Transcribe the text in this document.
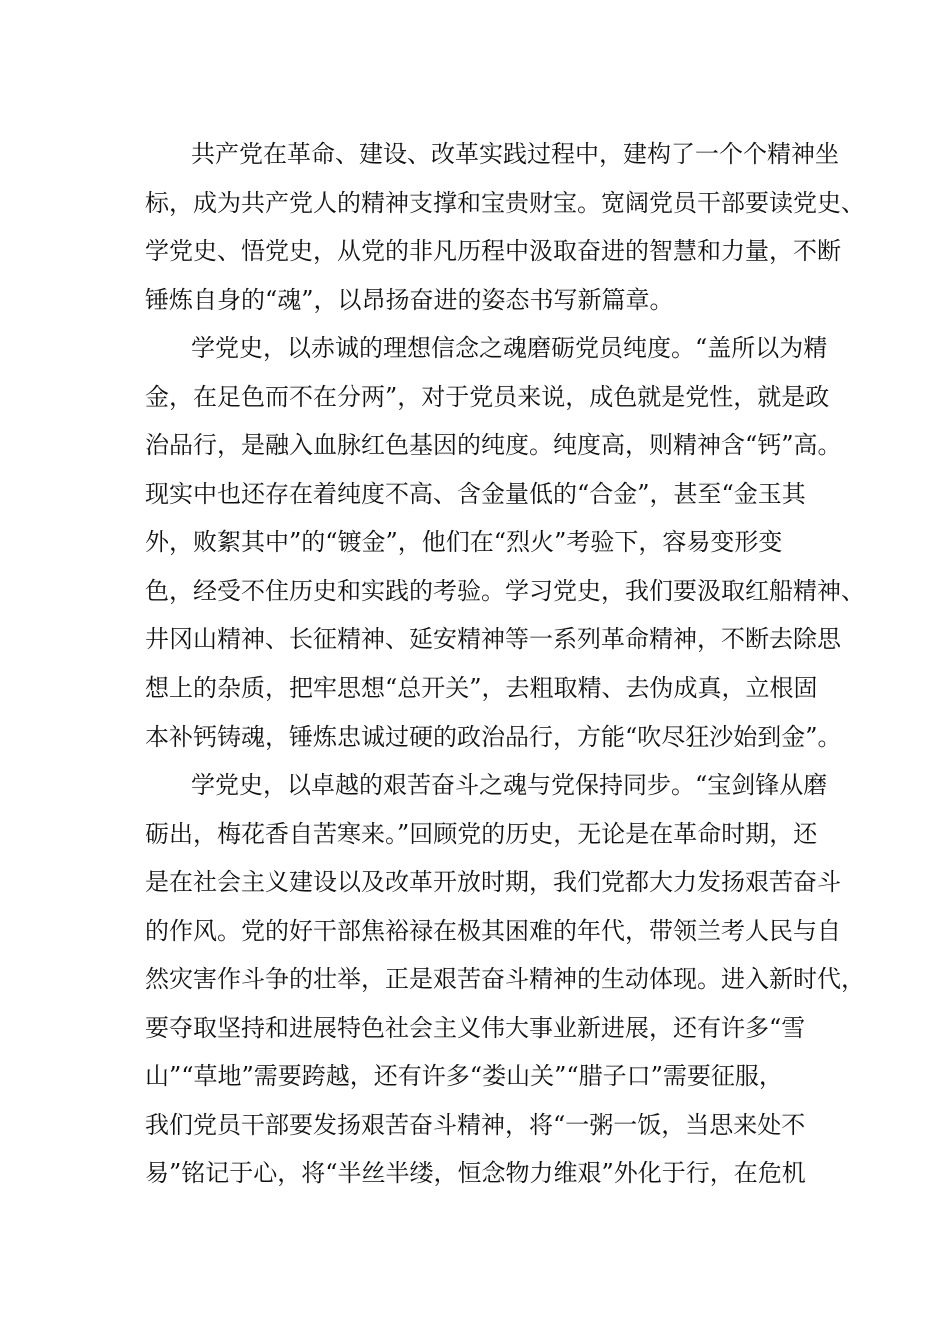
共产党在革命、建设、改革实践过程中，建构了一个个精神坐
标，成为共产党人的精神支撑和宝贵财宝。宽阔党员干部要读党史、
学党史、悟党史，从党的非凡历程中汲取奋进的智慧和力量，不断
锤炼自身的“魂”，以昂扬奋进的姿态书写新篇章。
学党史，以赤诚的理想信念之魂磨砺党员纯度。“盖所以为精
金，在足色而不在分两”，对于党员来说，成色就是党性，就是政
治品行，是融入血脉红色基因的纯度。纯度高，则精神含“钙”高。
现实中也还存在着纯度不高、含金量低的“合金”，甚至“金玉其
外，败絮其中”的“镀金”，他们在“烈火”考验下，容易变形变
色，经受不住历史和实践的考验。学习党史，我们要汲取红船精神、
井冈山精神、长征精神、延安精神等一系列革命精神，不断去除思
想上的杂质，把牢思想“总开关”，去粗取精、去伪成真，立根固
本补钙铸魂，锤炼忠诚过硬的政治品行，方能“吹尽狂沙始到金”。
学党史，以卓越的艰苦奋斗之魂与党保持同步。“宝剑锋从磨
砺出，梅花香自苦寒来。”回顾党的历史，无论是在革命时期，还
是在社会主义建设以及改革开放时期，我们党都大力发扬艰苦奋斗
的作风。党的好干部焦裕禄在极其困难的年代，带领兰考人民与自
然灾害作斗争的壮举，正是艰苦奋斗精神的生动体现。进入新时代，
要夺取坚持和进展特色社会主义伟大事业新进展，还有许多“雪
山”“草地”需要跨越，还有许多“娄山关”“腊子口”需要征服，
我们党员干部要发扬艰苦奋斗精神，将“一粥一饭，当思来处不
易”铭记于心，将“半丝半缕，恒念物力维艰”外化于行，在危机
